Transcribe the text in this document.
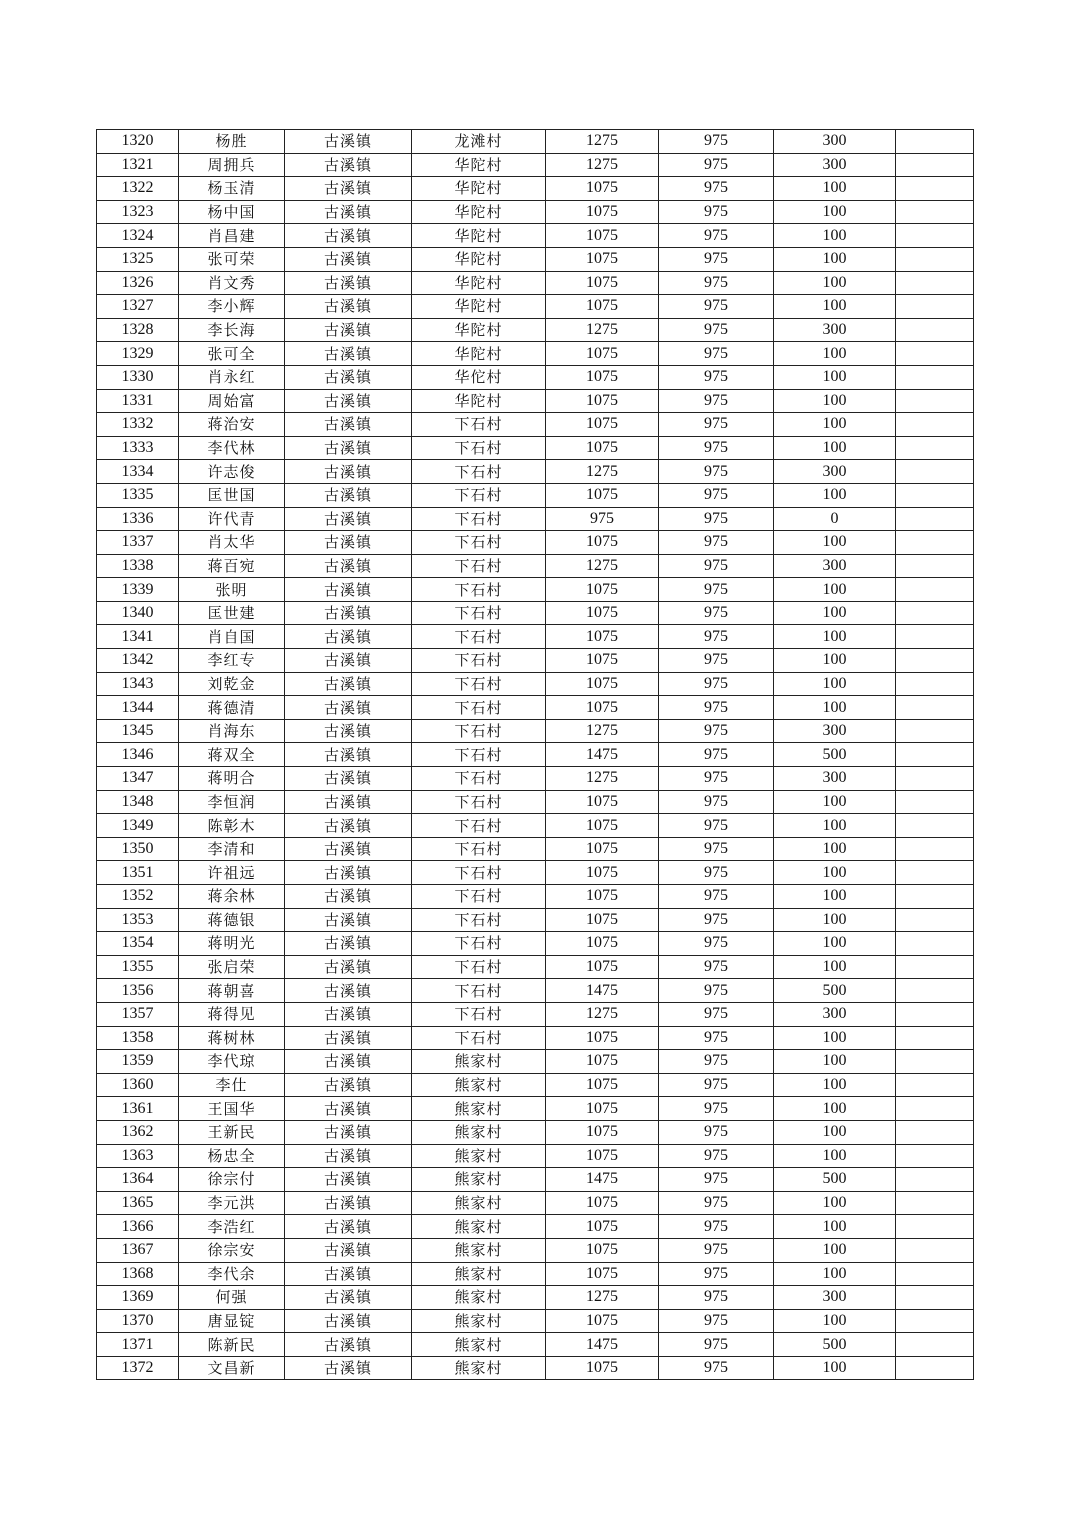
1320	杨胜	古溪镇	龙滩村	1275	975	300	
1321	周拥兵	古溪镇	华陀村	1275	975	300	
1322	杨玉清	古溪镇	华陀村	1075	975	100	
1323	杨中国	古溪镇	华陀村	1075	975	100	
1324	肖昌建	古溪镇	华陀村	1075	975	100	
1325	张可荣	古溪镇	华陀村	1075	975	100	
1326	肖文秀	古溪镇	华陀村	1075	975	100	
1327	李小辉	古溪镇	华陀村	1075	975	100	
1328	李长海	古溪镇	华陀村	1275	975	300	
1329	张可全	古溪镇	华陀村	1075	975	100	
1330	肖永红	古溪镇	华佗村	1075	975	100	
1331	周始富	古溪镇	华陀村	1075	975	100	
1332	蒋治安	古溪镇	下石村	1075	975	100	
1333	李代林	古溪镇	下石村	1075	975	100	
1334	许志俊	古溪镇	下石村	1275	975	300	
1335	匡世国	古溪镇	下石村	1075	975	100	
1336	许代青	古溪镇	下石村	975	975	0	
1337	肖太华	古溪镇	下石村	1075	975	100	
1338	蒋百宛	古溪镇	下石村	1275	975	300	
1339	张明	古溪镇	下石村	1075	975	100	
1340	匡世建	古溪镇	下石村	1075	975	100	
1341	肖自国	古溪镇	下石村	1075	975	100	
1342	李红专	古溪镇	下石村	1075	975	100	
1343	刘乾金	古溪镇	下石村	1075	975	100	
1344	蒋德清	古溪镇	下石村	1075	975	100	
1345	肖海东	古溪镇	下石村	1275	975	300	
1346	蒋双全	古溪镇	下石村	1475	975	500	
1347	蒋明合	古溪镇	下石村	1275	975	300	
1348	李恒润	古溪镇	下石村	1075	975	100	
1349	陈彰木	古溪镇	下石村	1075	975	100	
1350	李清和	古溪镇	下石村	1075	975	100	
1351	许祖远	古溪镇	下石村	1075	975	100	
1352	蒋余林	古溪镇	下石村	1075	975	100	
1353	蒋德银	古溪镇	下石村	1075	975	100	
1354	蒋明光	古溪镇	下石村	1075	975	100	
1355	张启荣	古溪镇	下石村	1075	975	100	
1356	蒋朝喜	古溪镇	下石村	1475	975	500	
1357	蒋得见	古溪镇	下石村	1275	975	300	
1358	蒋树林	古溪镇	下石村	1075	975	100	
1359	李代琼	古溪镇	熊家村	1075	975	100	
1360	李仕	古溪镇	熊家村	1075	975	100	
1361	王国华	古溪镇	熊家村	1075	975	100	
1362	王新民	古溪镇	熊家村	1075	975	100	
1363	杨忠全	古溪镇	熊家村	1075	975	100	
1364	徐宗付	古溪镇	熊家村	1475	975	500	
1365	李元洪	古溪镇	熊家村	1075	975	100	
1366	李浩红	古溪镇	熊家村	1075	975	100	
1367	徐宗安	古溪镇	熊家村	1075	975	100	
1368	李代余	古溪镇	熊家村	1075	975	100	
1369	何强	古溪镇	熊家村	1275	975	300	
1370	唐显锭	古溪镇	熊家村	1075	975	100	
1371	陈新民	古溪镇	熊家村	1475	975	500	
1372	文昌新	古溪镇	熊家村	1075	975	100	
